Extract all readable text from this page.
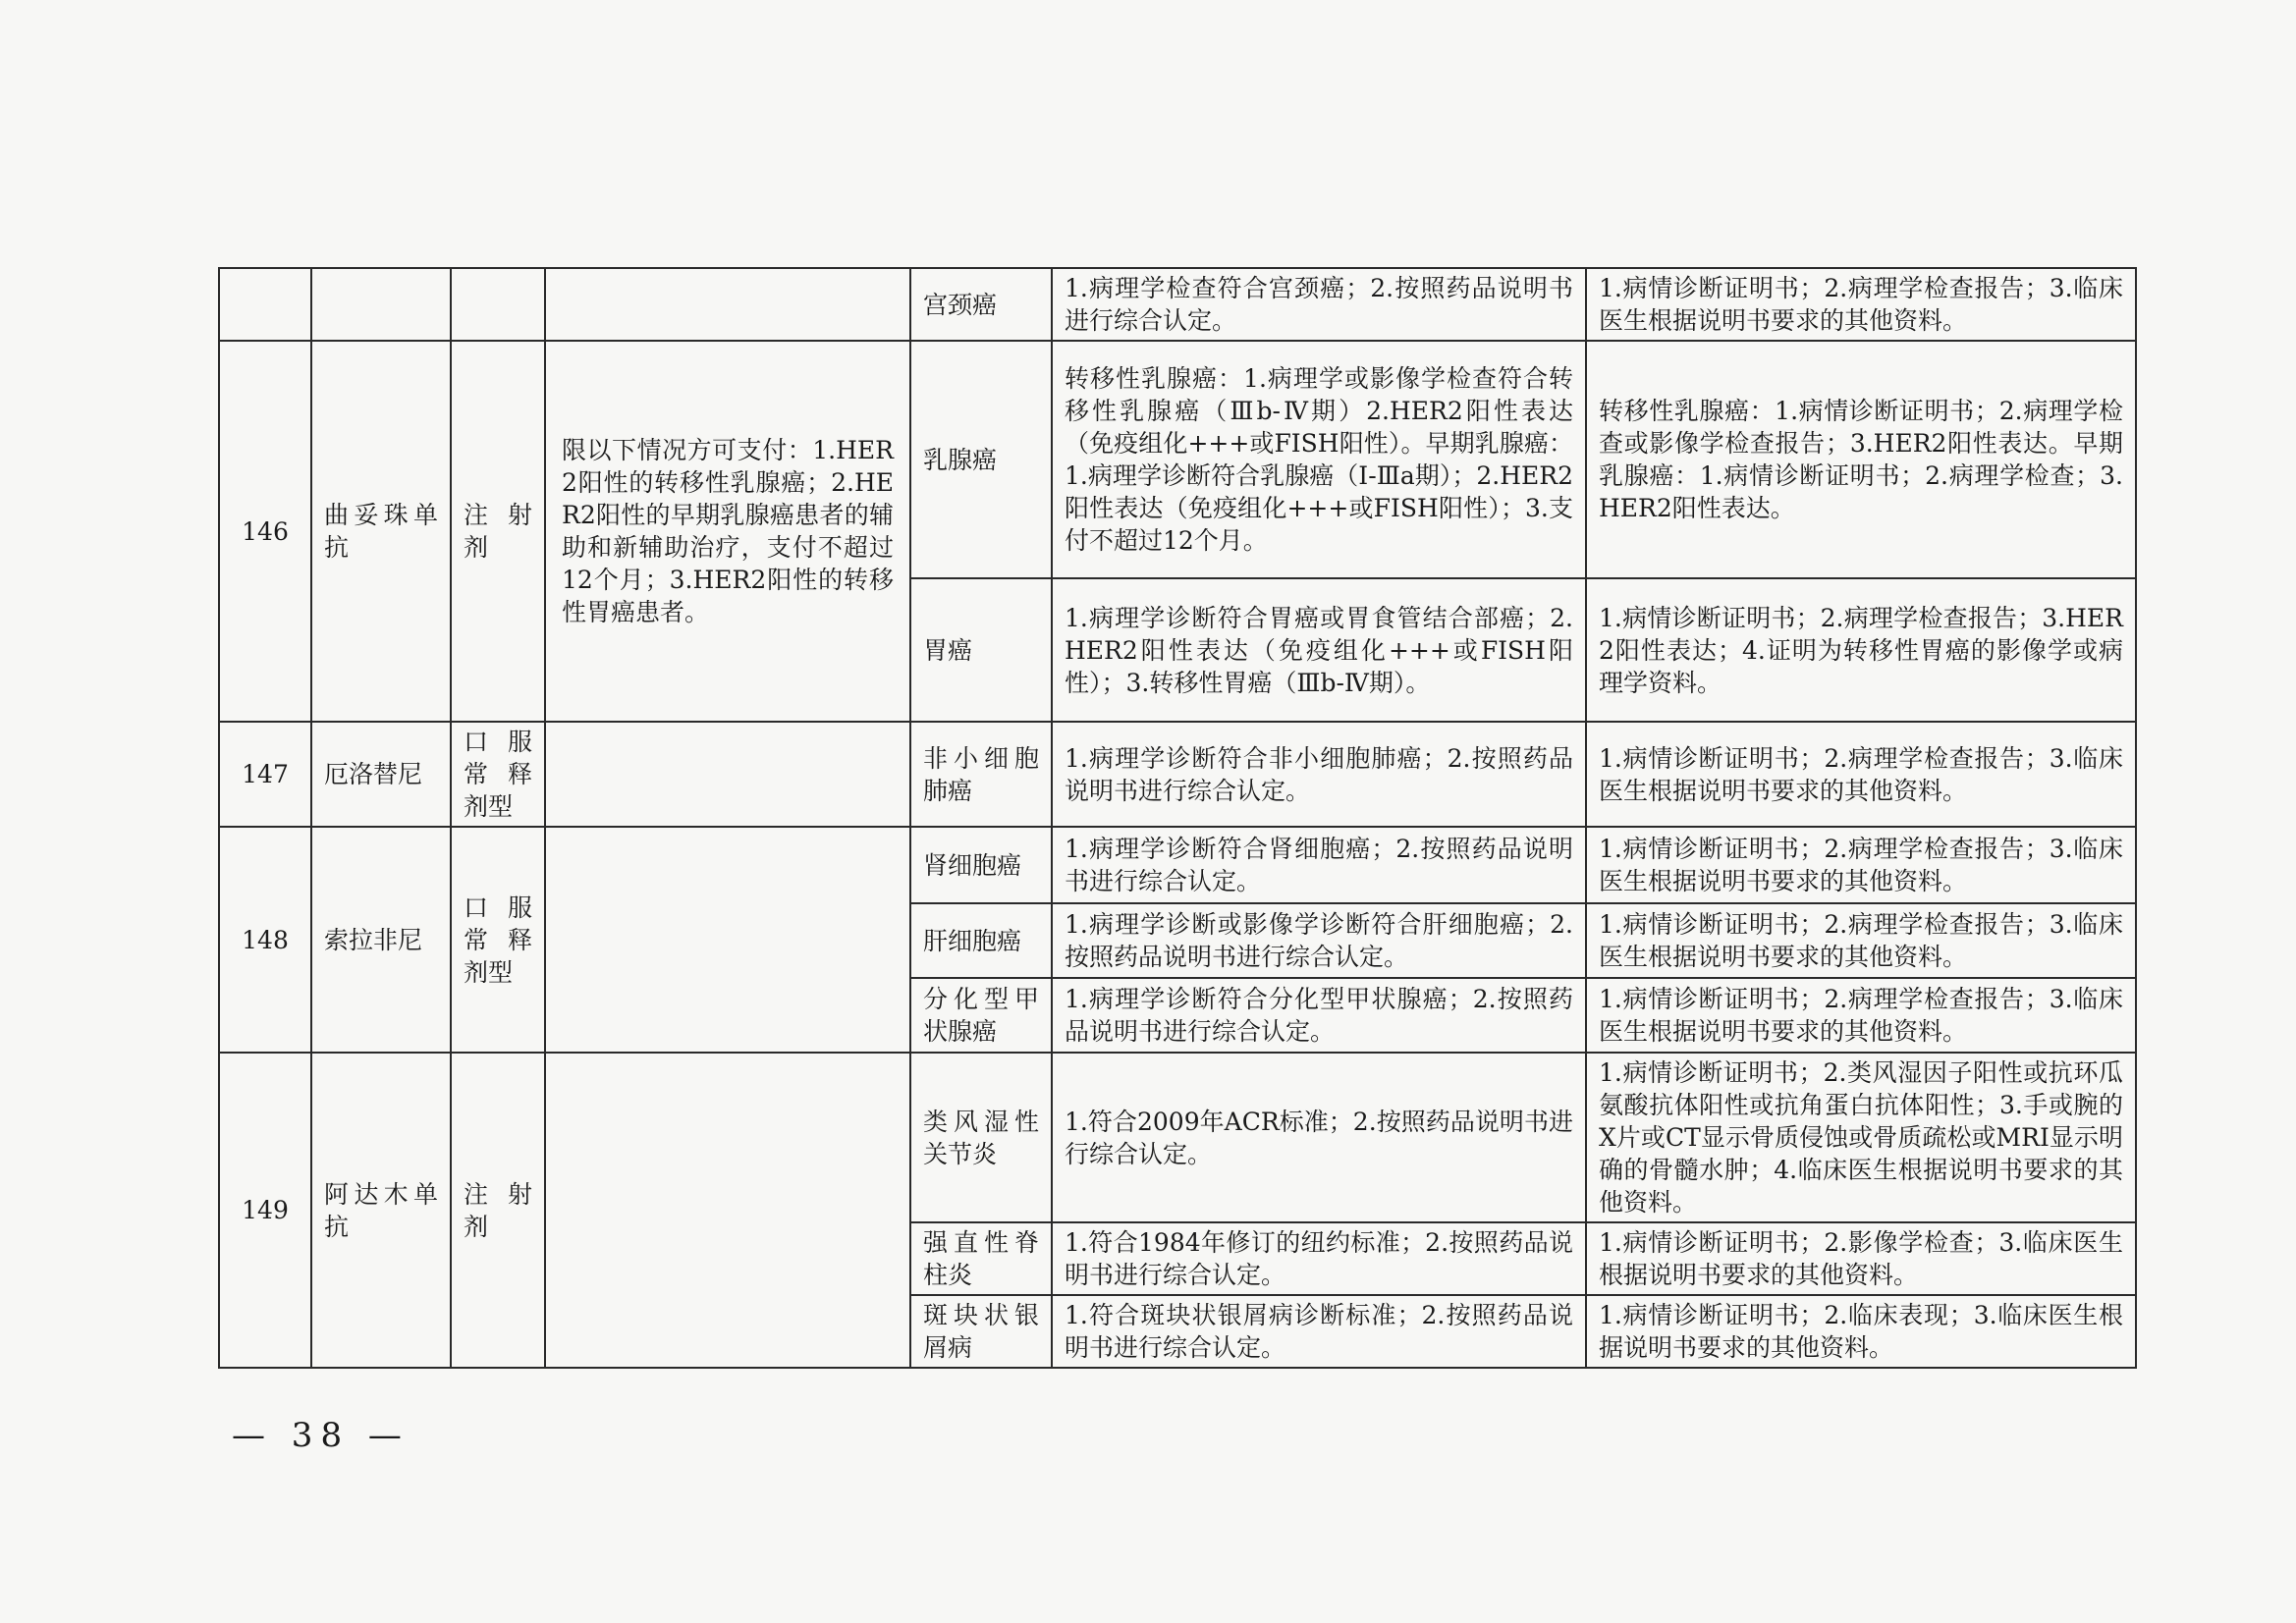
				宫颈癌	1.病理学检查符合宫颈癌；2.按照药品说明书进行综合认定。	1.病情诊断证明书；2.病理学检查报告；3.临床医生根据说明书要求的其他资料。
146	曲妥珠单抗	注射剂	限以下情况方可支付：1.HER2阳性的转移性乳腺癌；2.HER2阳性的早期乳腺癌患者的辅助和新辅助治疗，支付不超过12个月；3.HER2阳性的转移性胃癌患者。	乳腺癌	转移性乳腺癌：1.病理学或影像学检查符合转移性乳腺癌（Ⅲb-Ⅳ期）2.HER2阳性表达（免疫组化+++或FISH阳性）。早期乳腺癌：1.病理学诊断符合乳腺癌（Ⅰ-Ⅲa期）；2.HER2阳性表达（免疫组化+++或FISH阳性）；3.支付不超过12个月。	转移性乳腺癌：1.病情诊断证明书；2.病理学检查或影像学检查报告；3.HER2阳性表达。早期乳腺癌：1.病情诊断证明书；2.病理学检查；3.HER2阳性表达。
				胃癌	1.病理学诊断符合胃癌或胃食管结合部癌；2.HER2阳性表达（免疫组化+++或FISH阳性）；3.转移性胃癌（Ⅲb-Ⅳ期）。	1.病情诊断证明书；2.病理学检查报告；3.HER2阳性表达；4.证明为转移性胃癌的影像学或病理学资料。
147	厄洛替尼	口服常释剂型		非小细胞肺癌	1.病理学诊断符合非小细胞肺癌；2.按照药品说明书进行综合认定。	1.病情诊断证明书；2.病理学检查报告；3.临床医生根据说明书要求的其他资料。
148	索拉非尼	口服常释剂型		肾细胞癌	1.病理学诊断符合肾细胞癌；2.按照药品说明书进行综合认定。	1.病情诊断证明书；2.病理学检查报告；3.临床医生根据说明书要求的其他资料。
				肝细胞癌	1.病理学诊断或影像学诊断符合肝细胞癌；2.按照药品说明书进行综合认定。	1.病情诊断证明书；2.病理学检查报告；3.临床医生根据说明书要求的其他资料。
				分化型甲状腺癌	1.病理学诊断符合分化型甲状腺癌；2.按照药品说明书进行综合认定。	1.病情诊断证明书；2.病理学检查报告；3.临床医生根据说明书要求的其他资料。
149	阿达木单抗	注射剂		类风湿性关节炎	1.符合2009年ACR标准；2.按照药品说明书进行综合认定。	1.病情诊断证明书；2.类风湿因子阳性或抗环瓜氨酸抗体阳性或抗角蛋白抗体阳性；3.手或腕的X片或CT显示骨质侵蚀或骨质疏松或MRI显示明确的骨髓水肿；4.临床医生根据说明书要求的其他资料。
				强直性脊柱炎	1.符合1984年修订的纽约标准；2.按照药品说明书进行综合认定。	1.病情诊断证明书；2.影像学检查；3.临床医生根据说明书要求的其他资料。
				斑块状银屑病	1.符合斑块状银屑病诊断标准；2.按照药品说明书进行综合认定。	1.病情诊断证明书；2.临床表现；3.临床医生根据说明书要求的其他资料。
— 38 —
